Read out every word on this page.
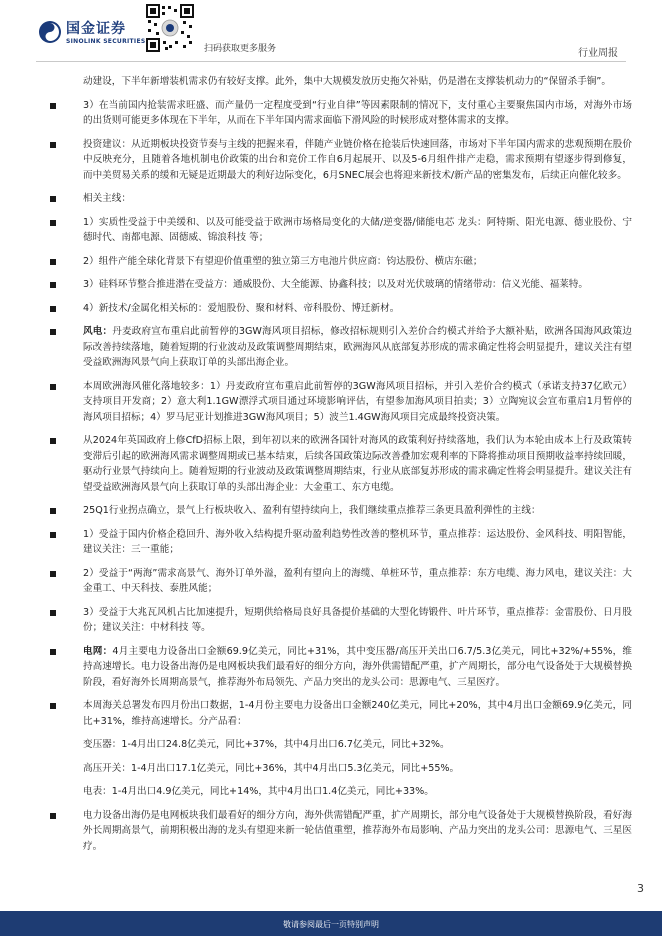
国金证券
SINOLINK SECURITIES
扫码获取更多服务	行业周报
动建设，下半年新增装机需求仍有较好支撑。此外，集中大规模发放历史拖欠补贴，仍是潜在支撑装机动力的“保留杀手锏”。
3）在当前国内抢装需求旺盛、而产量仍一定程度受到“行业自律”等因素限制的情况下，支付重心主要聚焦国内市场，对海外市场的出货则可能更多体现在下半年，从而在下半年国内需求面临下滑风险的时候形成对整体需求的支撑。
投资建议：从近期板块投资节奏与主线的把握来看，伴随产业链价格在抢装后快速回落，市场对下半年国内需求的悲观预期在股价中反映充分，且随着各地机制电价政策的出台和竞价工作自6月起展开、以及5-6月组件排产走稳，需求预期有望逐步得到修复，而中美贸易关系的缓和无疑是近期最大的利好边际变化，6月SNEC展会也将迎来新技术/新产品的密集发布，后续正向催化较多。
相关主线：
1）实质性受益于中美缓和、以及可能受益于欧洲市场格局变化的大储/逆变器/储能电芯 龙头：阿特斯、阳光电源、德业股份、宁德时代、南都电源、固德威、锦浪科技 等；
2）组件产能全球化背景下有望迎价值重塑的独立第三方电池片供应商：钧达股份、横店东磁；
3）硅料环节整合推进潜在受益方：通威股份、大全能源、协鑫科技；以及对光伏玻璃的情绪带动：信义光能、福莱特。
4）新技术/金属化相关标的：爱旭股份、聚和材料、帝科股份、博迁新材。
风电：丹麦政府宣布重启此前暂停的3GW海风项目招标，修改招标规则引入差价合约模式并给予大额补贴，欧洲各国海风政策边际改善持续落地，随着短期的行业波动及政策调整周期结束，欧洲海风从底部复苏形成的需求确定性将会明显提升，建议关注有望受益欧洲海风景气向上获取订单的头部出海企业。
本周欧洲海风催化落地较多：1）丹麦政府宣布重启此前暂停的3GW海风项目招标，并引入差价合约模式（承诺支持37亿欧元）支持项目开发商；2）意大利1.1GW漂浮式项目通过环境影响评估，有望参加海风项目拍卖；3）立陶宛议会宣布重启1月暂停的海风项目招标；4）罗马尼亚计划推进3GW海风项目；5）波兰1.4GW海风项目完成最终投资决策。
从2024年英国政府上修CfD招标上限，到年初以来的欧洲各国针对海风的政策利好持续落地，我们认为本轮由成本上行及政策转变滞后引起的欧洲海风需求调整周期或已基本结束，后续各国政策边际改善叠加宏观利率的下降将推动项目预期收益率持续回暖，驱动行业景气持续向上。随着短期的行业波动及政策调整周期结束，行业从底部复苏形成的需求确定性将会明显提升。建议关注有望受益欧洲海风景气向上获取订单的头部出海企业：大金重工、东方电缆。
25Q1行业拐点确立，景气上行板块收入、盈利有望持续向上，我们继续重点推荐三条更具盈利弹性的主线：
1）受益于国内价格企稳回升、海外收入结构提升驱动盈利趋势性改善的整机环节，重点推荐：运达股份、金风科技、明阳智能，建议关注：三一重能；
2）受益于“两海”需求高景气、海外订单外溢，盈利有望向上的海缆、单桩环节，重点推荐：东方电缆、海力风电，建议关注：大金重工、中天科技、泰胜风能；
3）受益于大兆瓦风机占比加速提升，短期供给格局良好具备提价基础的大型化铸锻件、叶片环节，重点推荐：金雷股份、日月股份；建议关注：中材科技 等。
电网：4月主要电力设备出口金额69.9亿美元，同比+31%，其中变压器/高压开关出口6.7/5.3亿美元，同比+32%/+55%，维持高速增长。电力设备出海仍是电网板块我们最看好的细分方向，海外供需错配严重，扩产周期长，部分电气设备处于大规模替换阶段，看好海外长周期高景气，推荐海外布局领先、产品力突出的龙头公司：思源电气、三星医疗。
本周海关总署发布四月份出口数据，1-4月份主要电力设备出口金额240亿美元，同比+20%，其中4月出口金额69.9亿美元，同比+31%，维持高速增长。分产品看：
变压器：1-4月出口24.8亿美元，同比+37%，其中4月出口6.7亿美元，同比+32%。
高压开关：1-4月出口17.1亿美元，同比+36%，其中4月出口5.3亿美元，同比+55%。
电表：1-4月出口4.9亿美元，同比+14%，其中4月出口1.4亿美元，同比+33%。
电力设备出海仍是电网板块我们最看好的细分方向，海外供需错配严重，扩产周期长，部分电气设备处于大规模替换阶段，看好海外长周期高景气，前期积极出海的龙头有望迎来新一轮估值重塑，推荐海外布局影响、产品力突出的龙头公司：思源电气、三星医疗。
3
敬请参阅最后一页特别声明
